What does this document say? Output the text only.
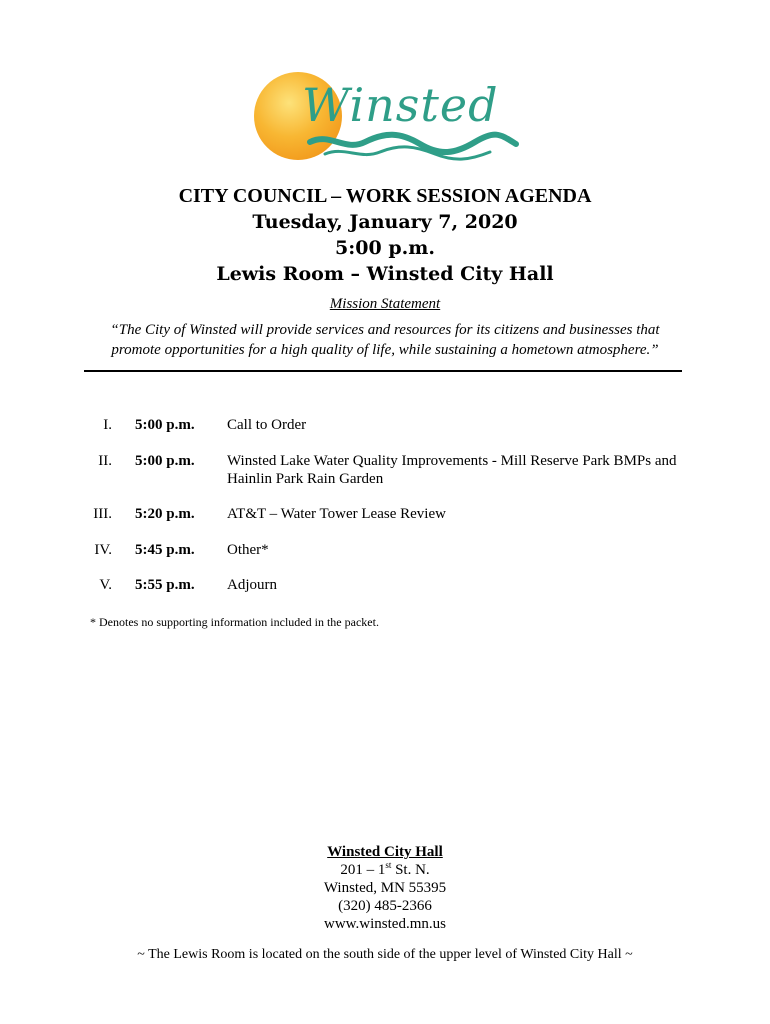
Winsted

CITY COUNCIL – WORK SESSION AGENDA

Tuesday, January 7, 2020

5:00 p.m.

Lewis Room – Winsted City Hall

Mission Statement
“The City of Winsted will provide services and resources for its citizens and businesses that
promote opportunities for a high quality of life, while sustaining a hometown atmosphere.”
I. 5:00 p.m. Call to Order
II. 5:00 p.m. Winsted Lake Water Quality Improvements - Mill Reserve Park BMPs and
Hainlin Park Rain Garden
III. 5:20 p.m. AT&T – Water Tower Lease Review
IV. 5:45 p.m. Other*
V. 5:55 p.m. Adjourn
* Denotes no supporting information included in the packet.
Winsted City Hall
201 – 1st St. N.
Winsted, MN 55395
(320) 485-2366
www.winsted.mn.us
~ The Lewis Room is located on the south side of the upper level of Winsted City Hall ~
